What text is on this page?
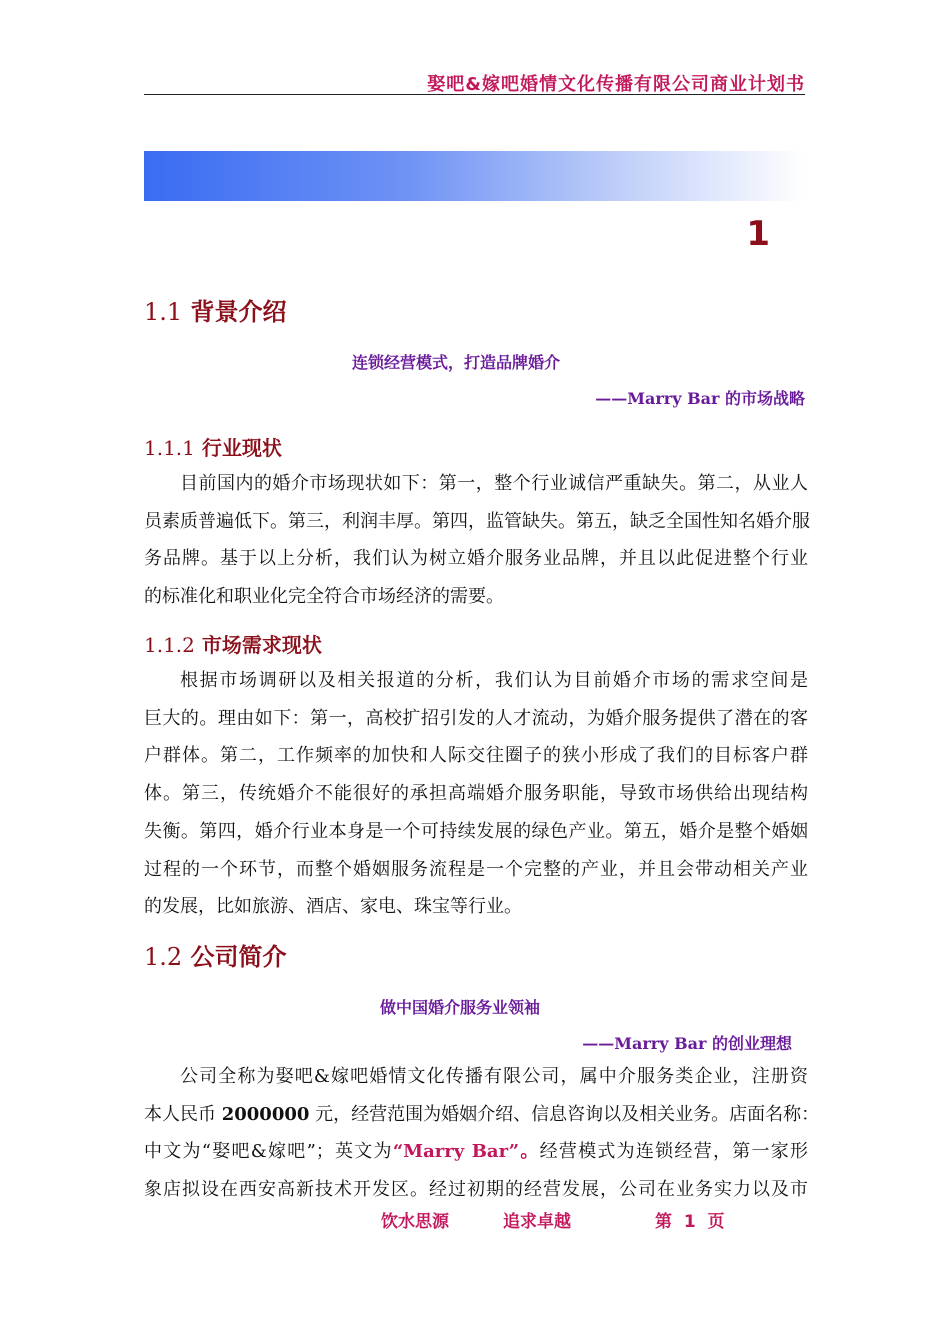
娶吧&嫁吧婚情文化传播有限公司商业计划书
1
1.1 背景介绍
连锁经营模式，打造品牌婚介
——Marry Bar 的市场战略
1.1.1 行业现状
目前国内的婚介市场现状如下：第一，整个行业诚信严重缺失。第二，从业人
员素质普遍低下。第三，利润丰厚。第四，监管缺失。第五，缺乏全国性知名婚介服
务品牌。基于以上分析，我们认为树立婚介服务业品牌，并且以此促进整个行业
的标准化和职业化完全符合市场经济的需要。
1.1.2 市场需求现状
根据市场调研以及相关报道的分析，我们认为目前婚介市场的需求空间是
巨大的。理由如下：第一，高校扩招引发的人才流动，为婚介服务提供了潜在的客
户群体。第二，工作频率的加快和人际交往圈子的狭小形成了我们的目标客户群
体。第三，传统婚介不能很好的承担高端婚介服务职能，导致市场供给出现结构
失衡。第四，婚介行业本身是一个可持续发展的绿色产业。第五，婚介是整个婚姻
过程的一个环节，而整个婚姻服务流程是一个完整的产业，并且会带动相关产业
的发展，比如旅游、酒店、家电、珠宝等行业。
1.2 公司简介
做中国婚介服务业领袖
——Marry Bar 的创业理想
公司全称为娶吧&嫁吧婚情文化传播有限公司，属中介服务类企业，注册资
本人民币 2000000 元，经营范围为婚姻介绍、信息咨询以及相关业务。店面名称：
中文为“娶吧&嫁吧”；英文为“Marry Bar”。经营模式为连锁经营，第一家形
象店拟设在西安高新技术开发区。经过初期的经营发展，公司在业务实力以及市
饮水思源	追求卓越	第 1 页
